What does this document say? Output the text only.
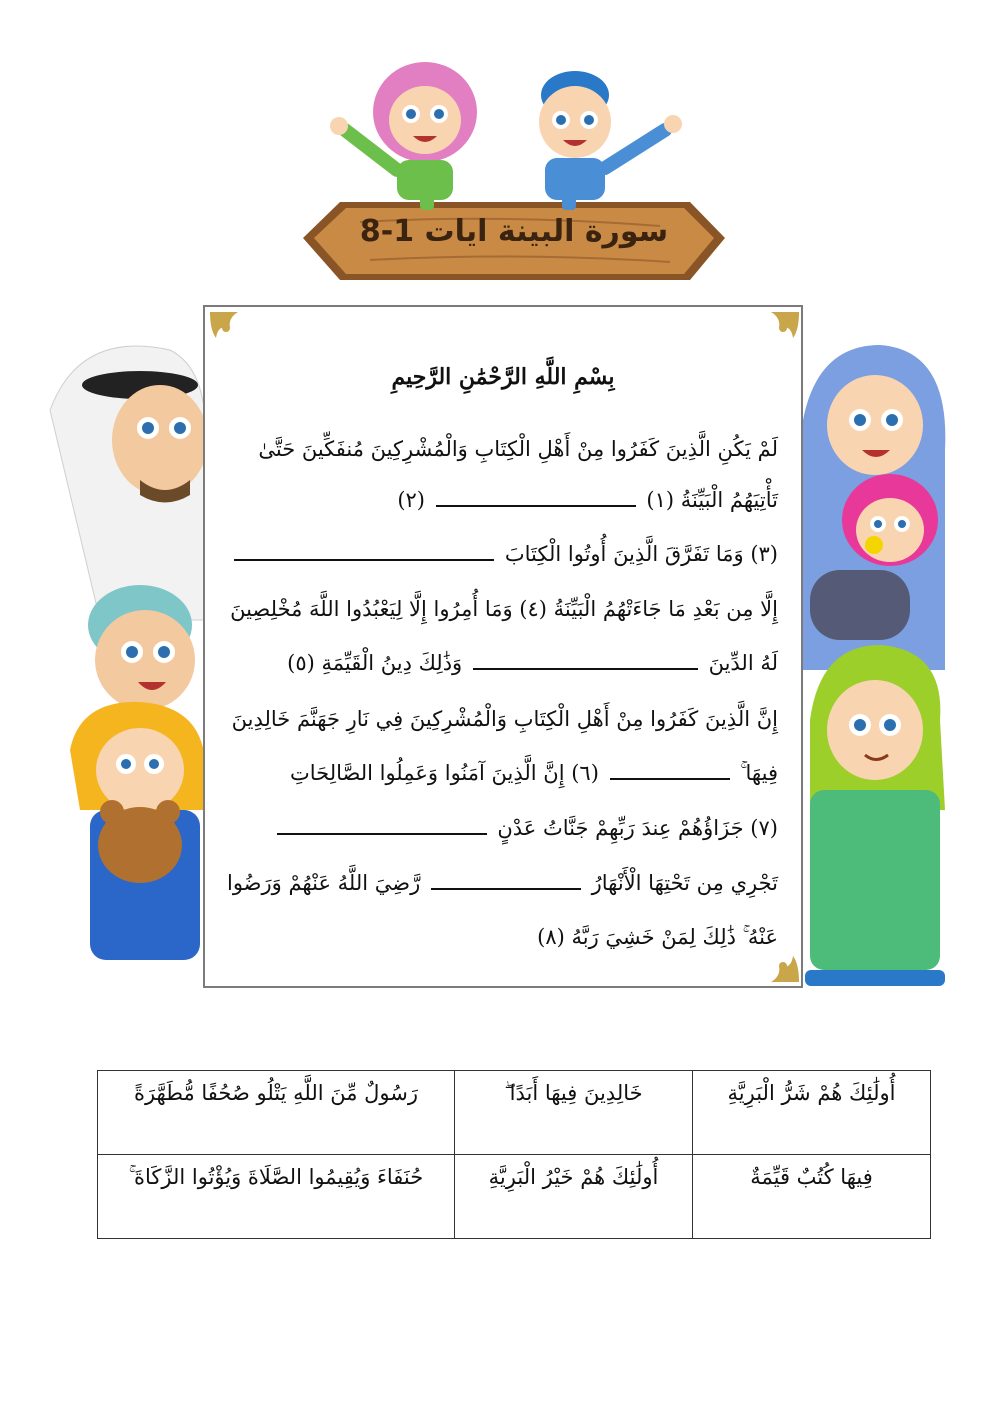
سورة البينة ايات 1-8
بِسْمِ اللَّهِ الرَّحْمَٰنِ الرَّحِيمِ
لَمْ يَكُنِ الَّذِينَ كَفَرُوا مِنْ أَهْلِ الْكِتَابِ وَالْمُشْرِكِينَ مُنفَكِّينَ حَتَّىٰ
تَأْتِيَهُمُ الْبَيِّنَةُ (١)  (٢)
(٣) وَمَا تَفَرَّقَ الَّذِينَ أُوتُوا الْكِتَابَ
إِلَّا مِن بَعْدِ مَا جَاءَتْهُمُ الْبَيِّنَةُ (٤) وَمَا أُمِرُوا إِلَّا لِيَعْبُدُوا اللَّهَ مُخْلِصِينَ
لَهُ الدِّينَ  وَذَٰلِكَ دِينُ الْقَيِّمَةِ (٥)
إِنَّ الَّذِينَ كَفَرُوا مِنْ أَهْلِ الْكِتَابِ وَالْمُشْرِكِينَ فِي نَارِ جَهَنَّمَ خَالِدِينَ
فِيهَا ۚ  (٦) إِنَّ الَّذِينَ آمَنُوا وَعَمِلُوا الصَّالِحَاتِ
(٧) جَزَاؤُهُمْ عِندَ رَبِّهِمْ جَنَّاتُ عَدْنٍ
تَجْرِي مِن تَحْتِهَا الْأَنْهَارُ  رَّضِيَ اللَّهُ عَنْهُمْ وَرَضُوا
عَنْهُ ۚ ذَٰلِكَ لِمَنْ خَشِيَ رَبَّهُ (٨)
أُولَٰئِكَ هُمْ شَرُّ الْبَرِيَّةِ	خَالِدِينَ فِيهَا أَبَدًا ۖ	رَسُولٌ مِّنَ اللَّهِ يَتْلُو صُحُفًا مُّطَهَّرَةً
فِيهَا كُتُبٌ قَيِّمَةٌ	أُولَٰئِكَ هُمْ خَيْرُ الْبَرِيَّةِ	حُنَفَاءَ وَيُقِيمُوا الصَّلَاةَ وَيُؤْتُوا الزَّكَاةَ ۚ
